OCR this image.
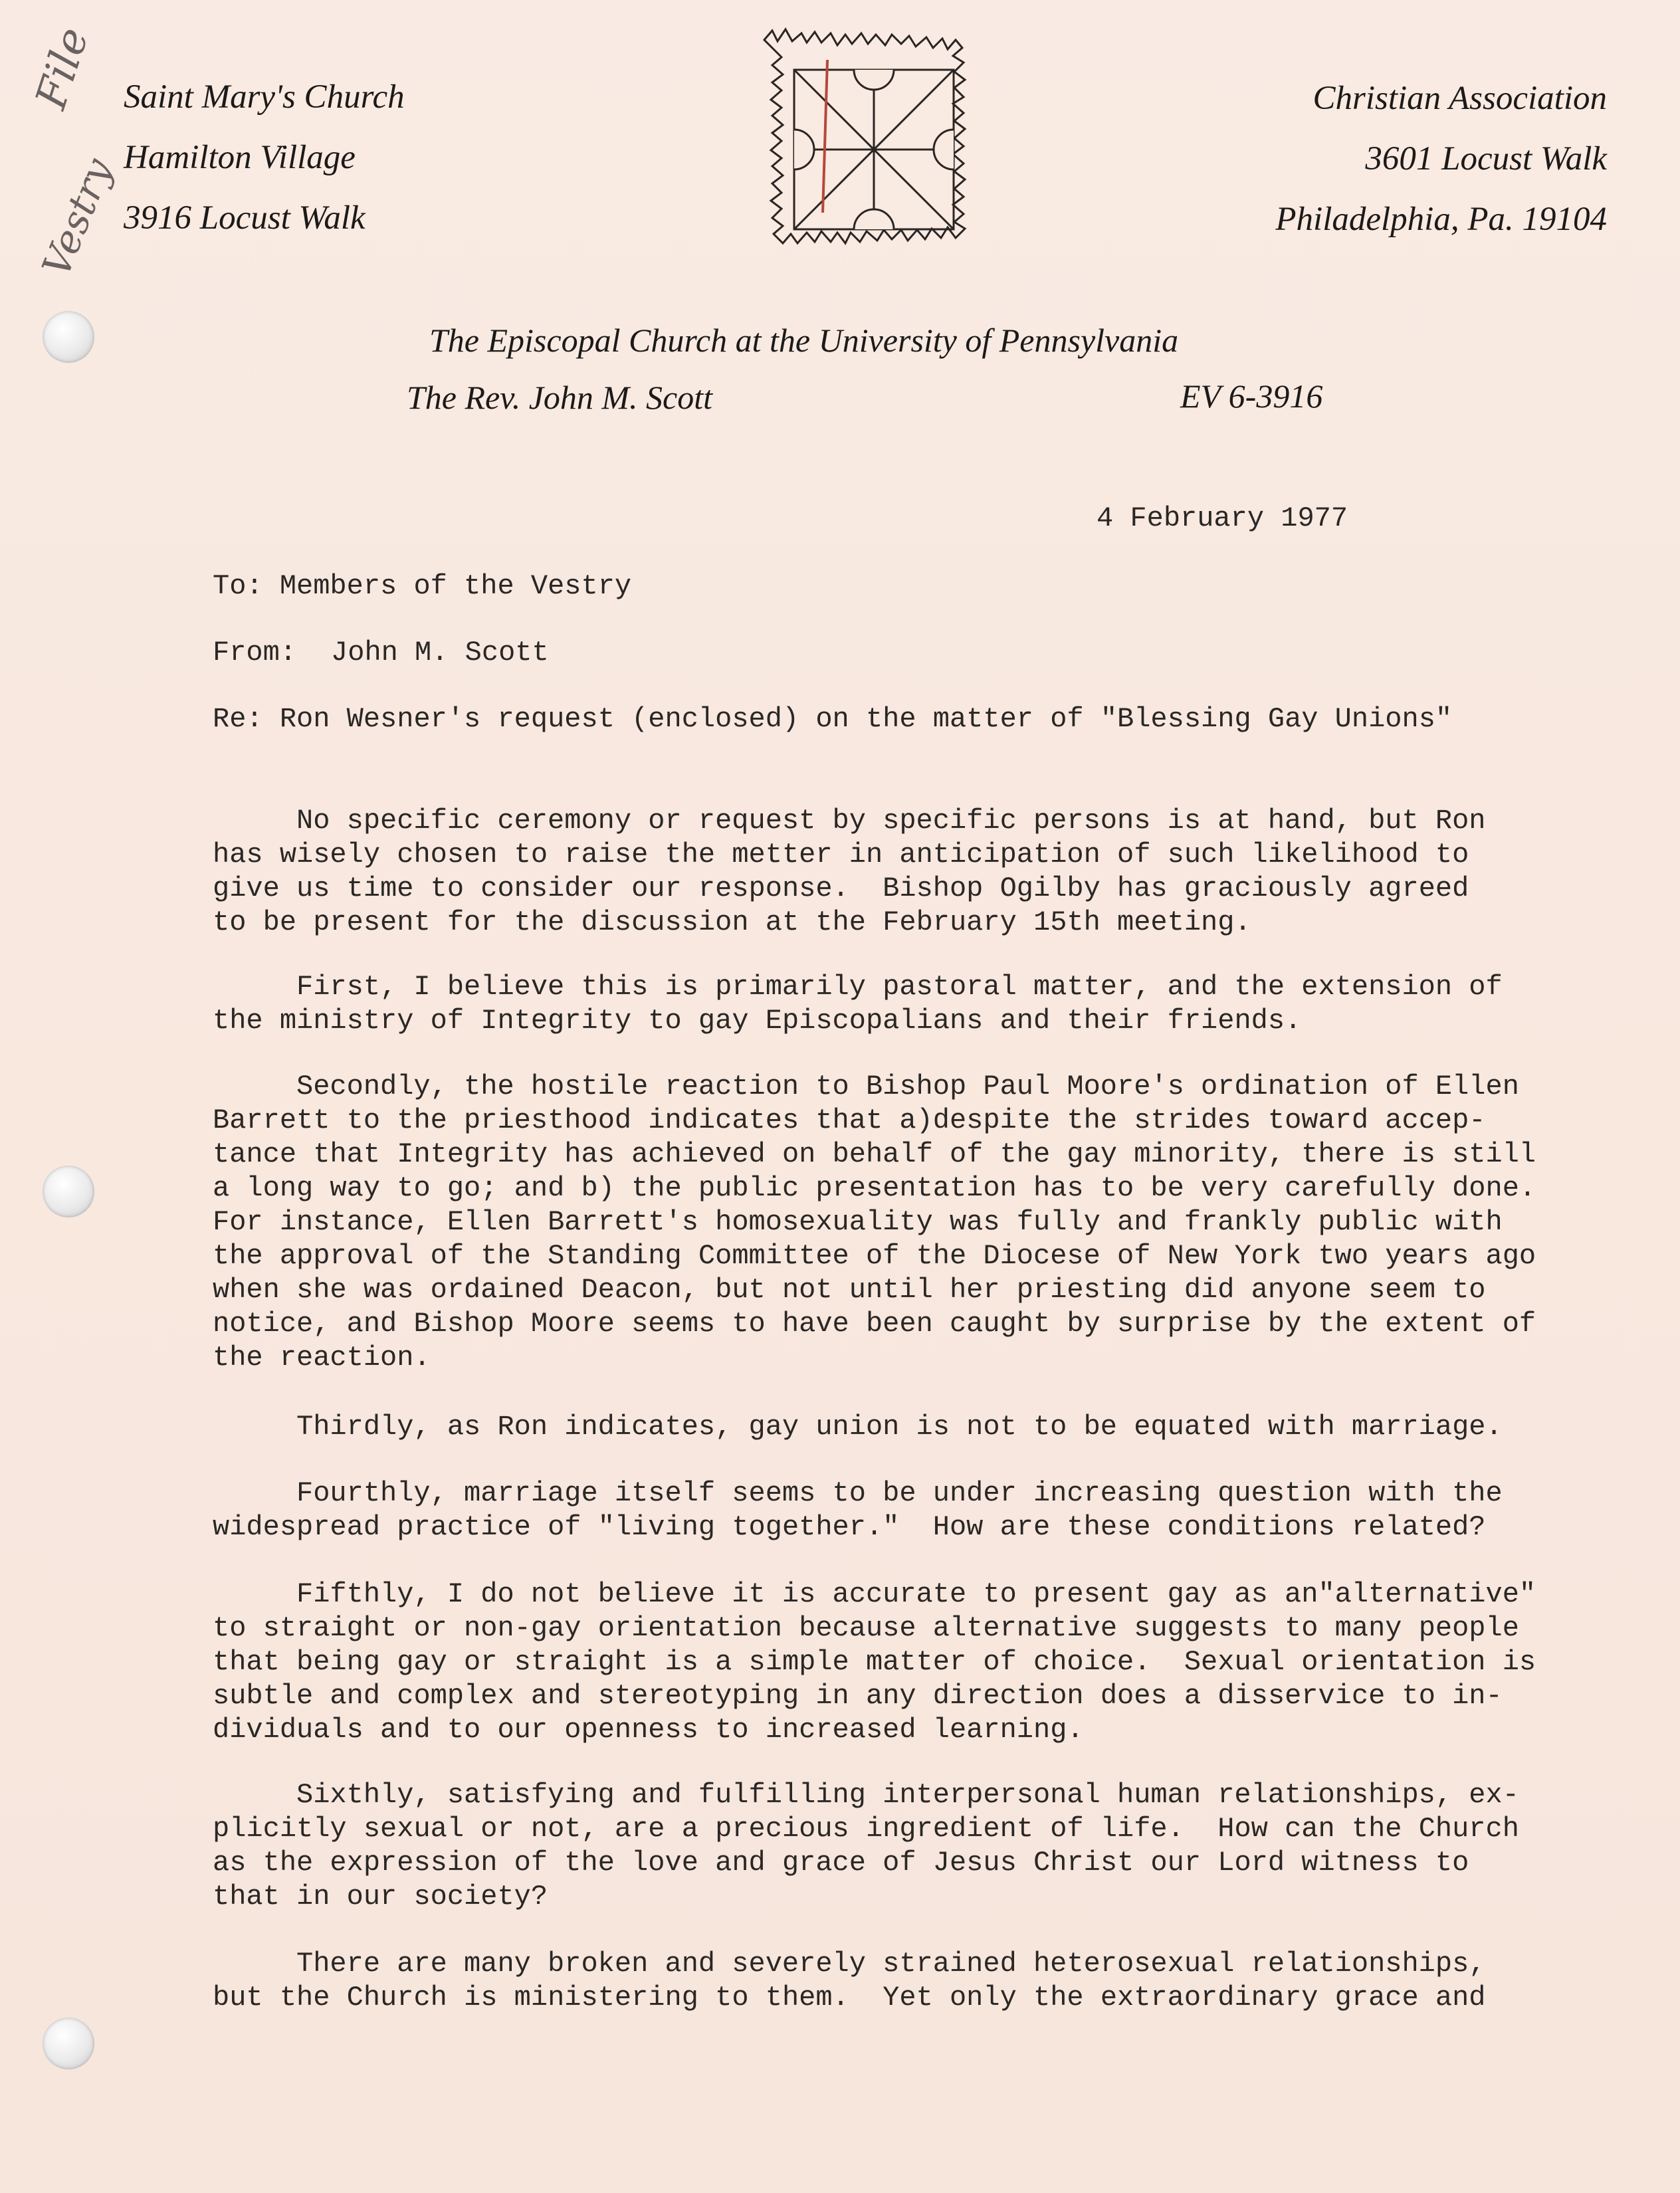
File
Vestry
Saint Mary's Church
Hamilton Village
3916 Locust Walk
Christian Association
3601 Locust Walk
Philadelphia, Pa. 19104
The Episcopal Church at the University of Pennsylvania
The Rev. John M. Scott	EV 6-3916
4 February 1977
To: Members of the Vestry
From: John M. Scott
Re: Ron Wesner's request (enclosed) on the matter of "Blessing Gay Unions"
No specific ceremony or request by specific persons is at hand, but Ron
has wisely chosen to raise the metter in anticipation of such likelihood to
give us time to consider our response.  Bishop Ogilby has graciously agreed
to be present for the discussion at the February 15th meeting.
First, I believe this is primarily pastoral matter, and the extension of
the ministry of Integrity to gay Episcopalians and their friends.
Secondly, the hostile reaction to Bishop Paul Moore's ordination of Ellen
Barrett to the priesthood indicates that a)despite the strides toward accep-
tance that Integrity has achieved on behalf of the gay minority, there is still
a long way to go; and b) the public presentation has to be very carefully done.
For instance, Ellen Barrett's homosexuality was fully and frankly public with
the approval of the Standing Committee of the Diocese of New York two years ago
when she was ordained Deacon, but not until her priesting did anyone seem to
notice, and Bishop Moore seems to have been caught by surprise by the extent of
the reaction.
Thirdly, as Ron indicates, gay union is not to be equated with marriage.
Fourthly, marriage itself seems to be under increasing question with the
widespread practice of "living together."  How are these conditions related?
Fifthly, I do not believe it is accurate to present gay as an"alternative"
to straight or non-gay orientation because alternative suggests to many people
that being gay or straight is a simple matter of choice.  Sexual orientation is
subtle and complex and stereotyping in any direction does a disservice to in-
dividuals and to our openness to increased learning.
Sixthly, satisfying and fulfilling interpersonal human relationships, ex-
plicitly sexual or not, are a precious ingredient of life.  How can the Church
as the expression of the love and grace of Jesus Christ our Lord witness to
that in our society?
There are many broken and severely strained heterosexual relationships,
but the Church is ministering to them.  Yet only the extraordinary grace and
